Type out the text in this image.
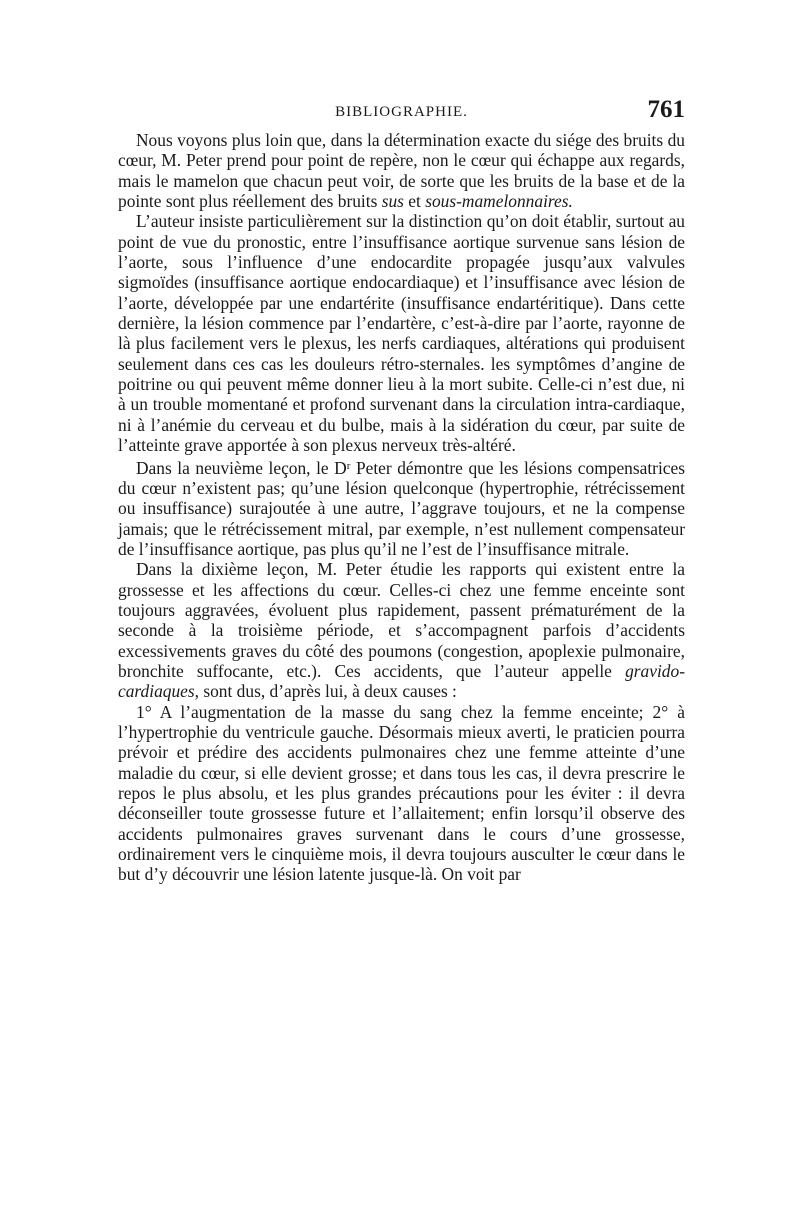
BIBLIOGRAPHIE.	761

Nous voyons plus loin que, dans la détermination exacte du siége des bruits du cœur, M. Peter prend pour point de repère, non le cœur qui échappe aux regards, mais le mamelon que chacun peut voir, de sorte que les bruits de la base et de la pointe sont plus réellement des bruits sus et sous-mamelonnaires.

L’auteur insiste particulièrement sur la distinction qu’on doit établir, surtout au point de vue du pronostic, entre l’insuffisance aortique survenue sans lésion de l’aorte, sous l’influence d’une endocardite propagée jusqu’aux valvules sigmoïdes (insuffisance aortique endocardiaque) et l’insuffisance avec lésion de l’aorte, développée par une endartérite (insuffisance endartéritique). Dans cette dernière, la lésion commence par l’endartère, c’est-à-dire par l’aorte, rayonne de là plus facilement vers le plexus, les nerfs cardiaques, altérations qui produisent seulement dans ces cas les douleurs rétro-sternales. les symptômes d’angine de poitrine ou qui peuvent même donner lieu à la mort subite. Celle-ci n’est due, ni à un trouble momentané et profond survenant dans la circulation intra-cardiaque, ni à l’anémie du cerveau et du bulbe, mais à la sidération du cœur, par suite de l’atteinte grave apportée à son plexus nerveux très-altéré.

Dans la neuvième leçon, le $D^r$ Peter démontre que les lésions compensatrices du cœur n’existent pas; qu’une lésion quelconque (hypertrophie, rétrécissement ou insuffisance) surajoutée à une autre, l’aggrave toujours, et ne la compense jamais; que le rétrécissement mitral, par exemple, n’est nullement compensateur de l’insuffisance aortique, pas plus qu’il ne l’est de l’insuffisance mitrale.

Dans la dixième leçon, M. Peter étudie les rapports qui existent entre la grossesse et les affections du cœur. Celles-ci chez une femme enceinte sont toujours aggravées, évoluent plus rapidement, passent prématurément de la seconde à la troisième période, et s’accompagnent parfois d’accidents excessivements graves du côté des poumons (congestion, apoplexie pulmonaire, bronchite suffocante, etc.). Ces accidents, que l’auteur appelle gravido-cardiaques, sont dus, d’après lui, à deux causes :

1° A l’augmentation de la masse du sang chez la femme enceinte; 2° à l’hypertrophie du ventricule gauche. Désormais mieux averti, le praticien pourra prévoir et prédire des accidents pulmonaires chez une femme atteinte d’une maladie du cœur, si elle devient grosse; et dans tous les cas, il devra prescrire le repos le plus absolu, et les plus grandes précautions pour les éviter : il devra déconseiller toute grossesse future et l’allaitement; enfin lorsqu’il observe des accidents pulmonaires graves survenant dans le cours d’une grossesse, ordinairement vers le cinquième mois, il devra toujours ausculter le cœur dans le but d’y découvrir une lésion latente jusque-là. On voit par
